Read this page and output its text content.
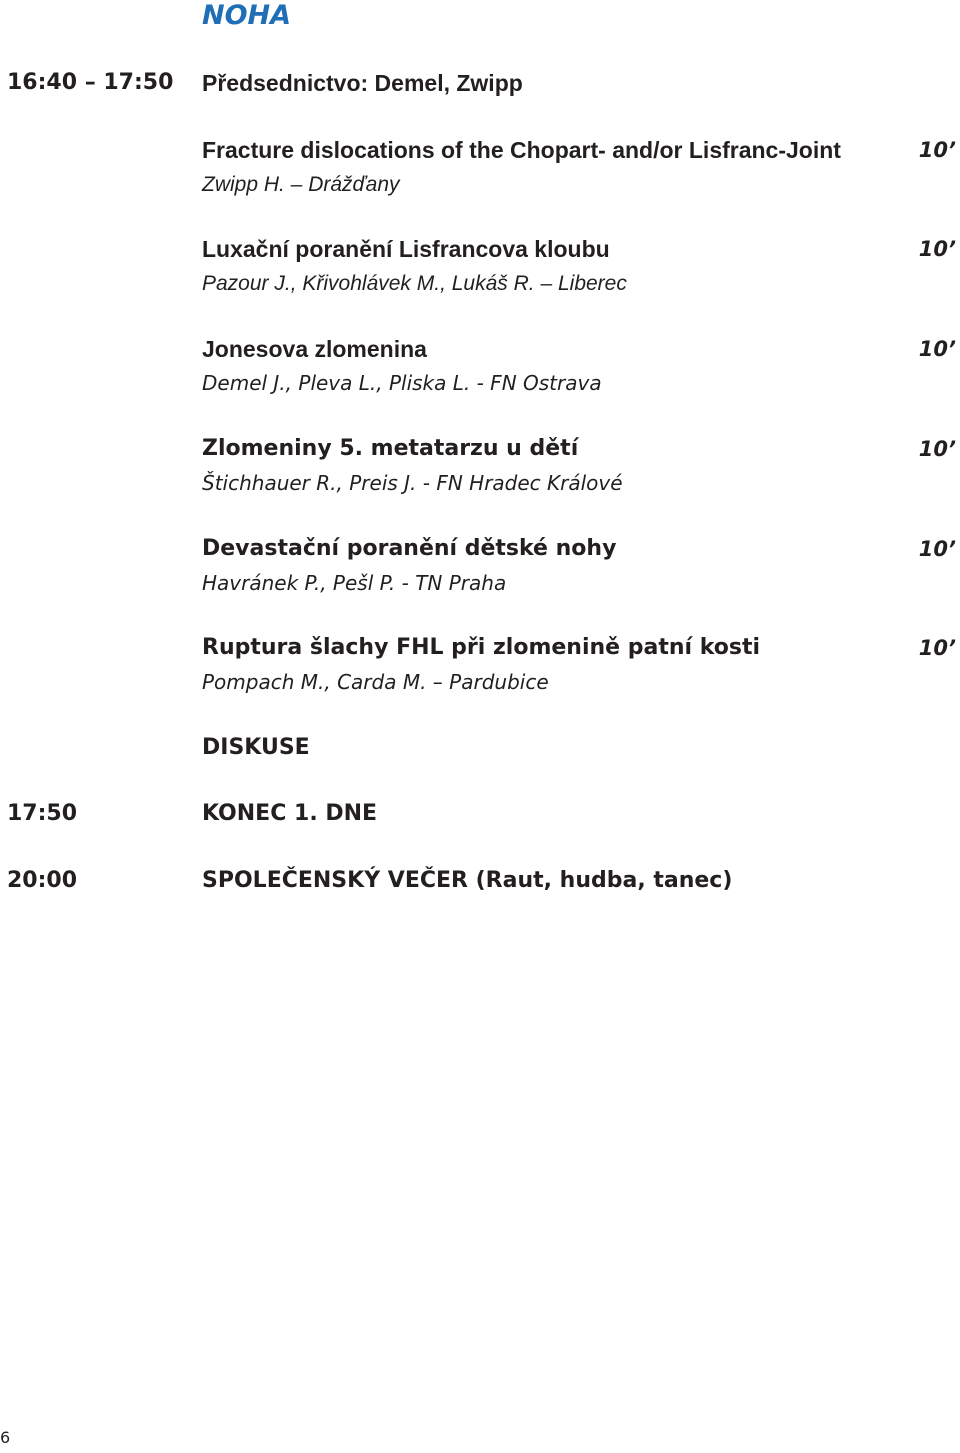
NOHA
16:40 – 17:50 Předsednictvo: Demel, Zwipp
Fracture dislocations of the Chopart- and/or Lisfranc-Joint	10’
Zwipp H. – Drážďany
Luxační poranění Lisfrancova kloubu	10’
Pazour J., Křivohlávek M., Lukáš R. – Liberec
Jonesova zlomenina	10’
Demel J., Pleva L., Pliska L. - FN Ostrava
Zlomeniny 5. metatarzu u dětí	10’
Štichhauer R., Preis J. - FN Hradec Králové
Devastační poranění dětské nohy	10’
Havránek P., Pešl P. - TN Praha
Ruptura šlachy FHL při zlomenině patní kosti	10’
Pompach M., Carda M. – Pardubice
DISKUSE
17:50	KONEC 1. DNE
20:00	SPOLEČENSKÝ VEČER (Raut, hudba, tanec)
6
